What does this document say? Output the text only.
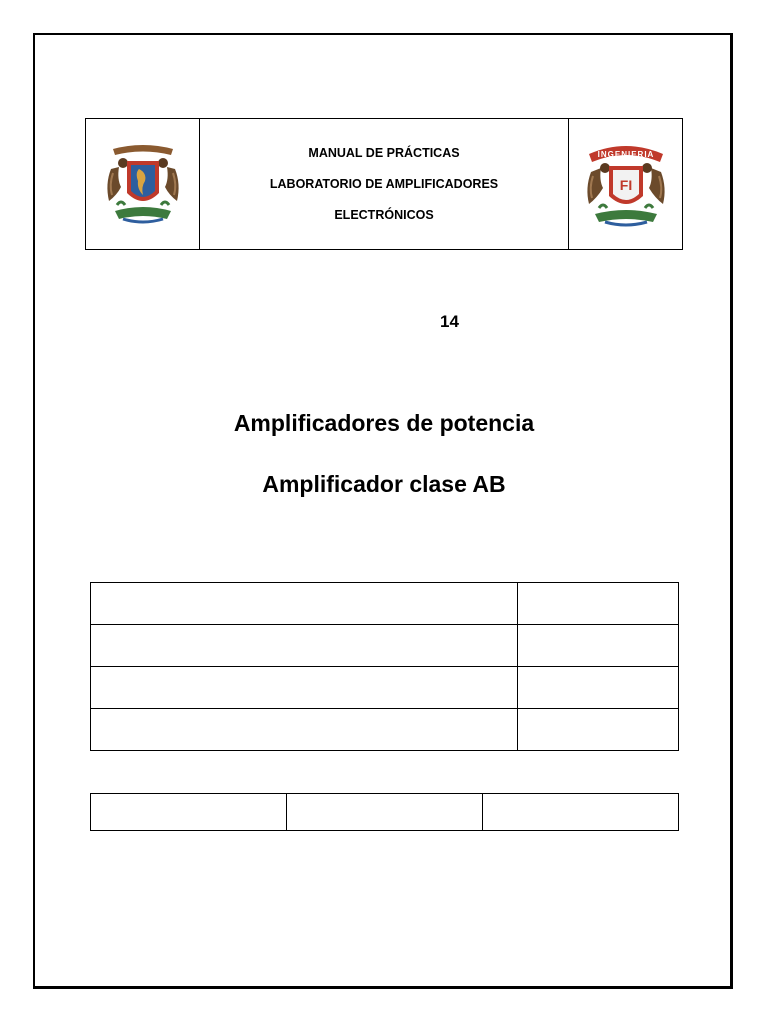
MANUAL DE PRÁCTICAS
LABORATORIO DE AMPLIFICADORES
ELECTRÓNICOS

INGENIERIA
FI
14
Amplificadores de potencia
Amplificador clase AB
